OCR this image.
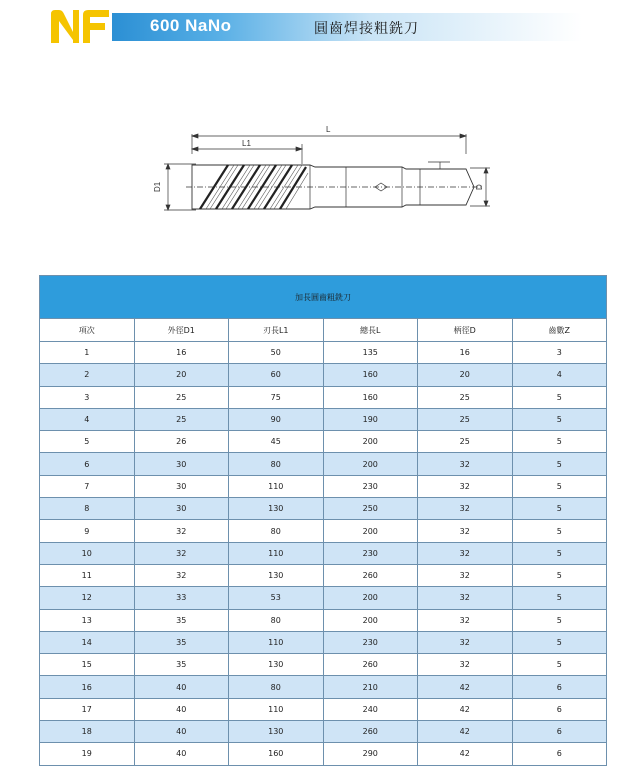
600 NaNo	圓齒焊接粗銑刀
L
L1
D1	D
加長圓齒粗銑刀					
項次	外徑D1	刃長L1	總長L	柄徑D	齒數Z
1	16	50	135	16	3
2	20	60	160	20	4
3	25	75	160	25	5
4	25	90	190	25	5
5	26	45	200	25	5
6	30	80	200	32	5
7	30	110	230	32	5
8	30	130	250	32	5
9	32	80	200	32	5
10	32	110	230	32	5
11	32	130	260	32	5
12	33	53	200	32	5
13	35	80	200	32	5
14	35	110	230	32	5
15	35	130	260	32	5
16	40	80	210	42	6
17	40	110	240	42	6
18	40	130	260	42	6
19	40	160	290	42	6
